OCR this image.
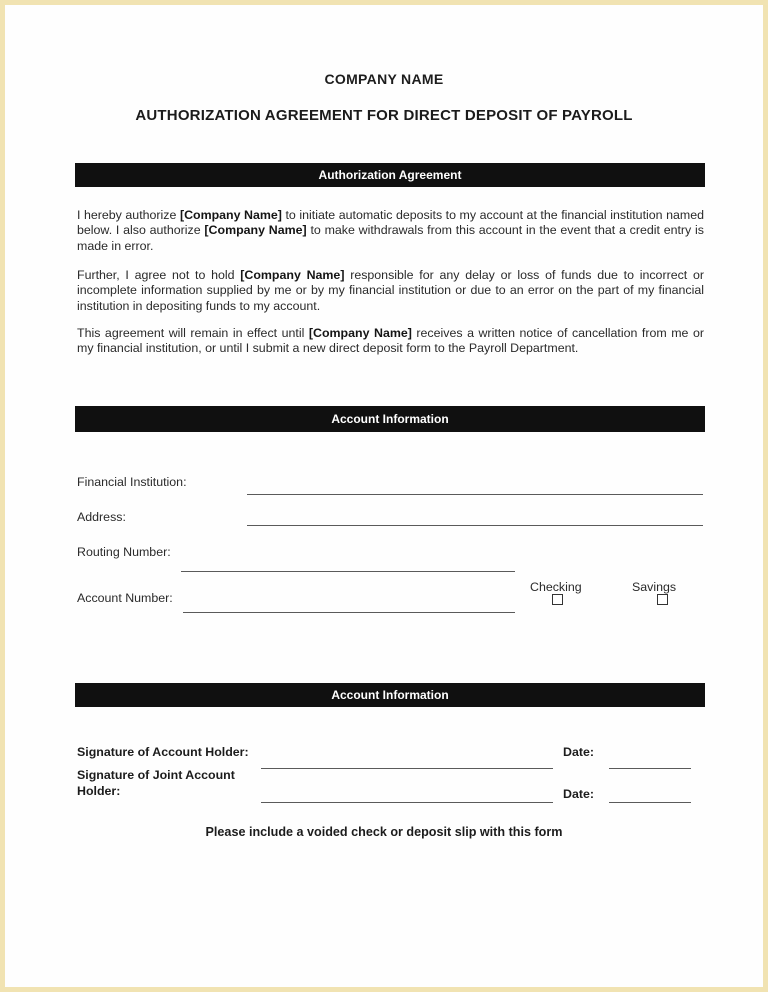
COMPANY NAME
AUTHORIZATION AGREEMENT FOR DIRECT DEPOSIT OF PAYROLL
Authorization Agreement

I hereby authorize [Company Name] to initiate automatic deposits to my account at the financial institution named below. I also authorize [Company Name] to make withdrawals from this account in the event that a credit entry is made in error.

Further, I agree not to hold [Company Name] responsible for any delay or loss of funds due to incorrect or incomplete information supplied by me or by my financial institution or due to an error on the part of my financial institution in depositing funds to my account.

This agreement will remain in effect until [Company Name] receives a written notice of cancellation from me or my financial institution, or until I submit a new direct deposit form to the Payroll Department.

Account Information
Financial Institution:
Address:
Routing Number:
Account Number:
Checking	Savings
Account Information
Signature of Account Holder:	Date:
Signature of Joint Account Holder:	Date:
Please include a voided check or deposit slip with this form
